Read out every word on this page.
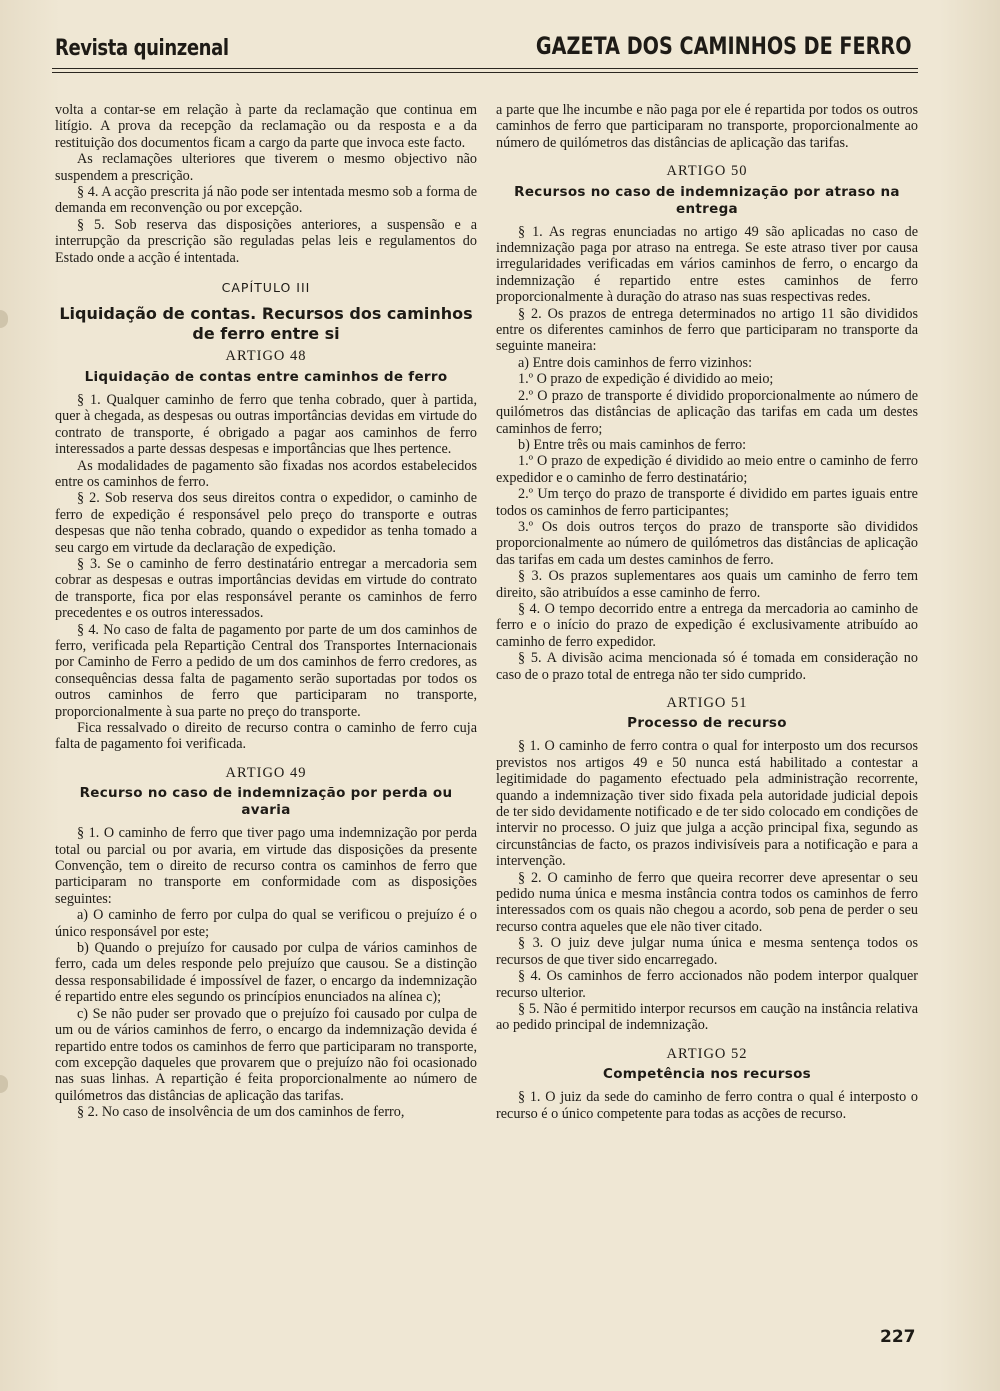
Revista quinzenal	GAZETA DOS CAMINHOS DE FERRO

volta a contar-se em relação à parte da reclamação que continua em litígio. A prova da recepção da reclamação ou da resposta e a da restituição dos documentos ficam a cargo da parte que invoca este facto.

As reclamações ulteriores que tiverem o mesmo objectivo não suspendem a prescrição.

§ 4. A acção prescrita já não pode ser intentada mesmo sob a forma de demanda em reconvenção ou por excepção.

§ 5. Sob reserva das disposições anteriores, a suspensão e a interrupção da prescrição são reguladas pelas leis e regulamentos do Estado onde a acção é intentada.

CAPÍTULO III
Liquidação de contas. Recursos dos caminhos de ferro entre si
ARTIGO 48
Liquidação de contas entre caminhos de ferro

§ 1. Qualquer caminho de ferro que tenha cobrado, quer à partida, quer à chegada, as despesas ou outras importâncias devidas em virtude do contrato de transporte, é obrigado a pagar aos caminhos de ferro interessados a parte dessas despesas e importâncias que lhes pertence.

As modalidades de pagamento são fixadas nos acordos estabelecidos entre os caminhos de ferro.

§ 2. Sob reserva dos seus direitos contra o expedidor, o caminho de ferro de expedição é responsável pelo preço do transporte e outras despesas que não tenha cobrado, quando o expedidor as tenha tomado a seu cargo em virtude da declaração de expedição.

§ 3. Se o caminho de ferro destinatário entregar a mercadoria sem cobrar as despesas e outras importâncias devidas em virtude do contrato de transporte, fica por elas responsável perante os caminhos de ferro precedentes e os outros interessados.

§ 4. No caso de falta de pagamento por parte de um dos caminhos de ferro, verificada pela Repartição Central dos Transportes Internacionais por Caminho de Ferro a pedido de um dos caminhos de ferro credores, as consequências dessa falta de pagamento serão suportadas por todos os outros caminhos de ferro que participaram no transporte, proporcionalmente à sua parte no preço do transporte.

Fica ressalvado o direito de recurso contra o caminho de ferro cuja falta de pagamento foi verificada.

ARTIGO 49
Recurso no caso de indemnização por perda ou avaria

§ 1. O caminho de ferro que tiver pago uma indemnização por perda total ou parcial ou por avaria, em virtude das disposições da presente Convenção, tem o direito de recurso contra os caminhos de ferro que participaram no transporte em conformidade com as disposições seguintes:

a) O caminho de ferro por culpa do qual se verificou o prejuízo é o único responsável por este;

b) Quando o prejuízo for causado por culpa de vários caminhos de ferro, cada um deles responde pelo prejuízo que causou. Se a distinção dessa responsabilidade é impossível de fazer, o encargo da indemnização é repartido entre eles segundo os princípios enunciados na alínea c);

c) Se não puder ser provado que o prejuízo foi causado por culpa de um ou de vários caminhos de ferro, o encargo da indemnização devida é repartido entre todos os caminhos de ferro que participaram no transporte, com excepção daqueles que provarem que o prejuízo não foi ocasionado nas suas linhas. A repartição é feita proporcionalmente ao número de quilómetros das distâncias de aplicação das tarifas.

§ 2. No caso de insolvência de um dos caminhos de ferro,

a parte que lhe incumbe e não paga por ele é repartida por todos os outros caminhos de ferro que participaram no transporte, proporcionalmente ao número de quilómetros das distâncias de aplicação das tarifas.

ARTIGO 50
Recursos no caso de indemnização por atraso na entrega

§ 1. As regras enunciadas no artigo 49 são aplicadas no caso de indemnização paga por atraso na entrega. Se este atraso tiver por causa irregularidades verificadas em vários caminhos de ferro, o encargo da indemnização é repartido entre estes caminhos de ferro proporcionalmente à duração do atraso nas suas respectivas redes.

§ 2. Os prazos de entrega determinados no artigo 11 são divididos entre os diferentes caminhos de ferro que participaram no transporte da seguinte maneira:

a) Entre dois caminhos de ferro vizinhos:

1.º O prazo de expedição é dividido ao meio;

2.º O prazo de transporte é dividido proporcionalmente ao número de quilómetros das distâncias de aplicação das tarifas em cada um destes caminhos de ferro;

b) Entre três ou mais caminhos de ferro:

1.º O prazo de expedição é dividido ao meio entre o caminho de ferro expedidor e o caminho de ferro destinatário;

2.º Um terço do prazo de transporte é dividido em partes iguais entre todos os caminhos de ferro participantes;

3.º Os dois outros terços do prazo de transporte são divididos proporcionalmente ao número de quilómetros das distâncias de aplicação das tarifas em cada um destes caminhos de ferro.

§ 3. Os prazos suplementares aos quais um caminho de ferro tem direito, são atribuídos a esse caminho de ferro.

§ 4. O tempo decorrido entre a entrega da mercadoria ao caminho de ferro e o início do prazo de expedição é exclusivamente atribuído ao caminho de ferro expedidor.

§ 5. A divisão acima mencionada só é tomada em consideração no caso de o prazo total de entrega não ter sido cumprido.

ARTIGO 51
Processo de recurso

§ 1. O caminho de ferro contra o qual for interposto um dos recursos previstos nos artigos 49 e 50 nunca está habilitado a contestar a legitimidade do pagamento efectuado pela administração recorrente, quando a indemnização tiver sido fixada pela autoridade judicial depois de ter sido devidamente notificado e de ter sido colocado em condições de intervir no processo. O juiz que julga a acção principal fixa, segundo as circunstâncias de facto, os prazos indivisíveis para a notificação e para a intervenção.

§ 2. O caminho de ferro que queira recorrer deve apresentar o seu pedido numa única e mesma instância contra todos os caminhos de ferro interessados com os quais não chegou a acordo, sob pena de perder o seu recurso contra aqueles que ele não tiver citado.

§ 3. O juiz deve julgar numa única e mesma sentença todos os recursos de que tiver sido encarregado.

§ 4. Os caminhos de ferro accionados não podem interpor qualquer recurso ulterior.

§ 5. Não é permitido interpor recursos em caução na instância relativa ao pedido principal de indemnização.

ARTIGO 52
Competência nos recursos

§ 1. O juiz da sede do caminho de ferro contra o qual é interposto o recurso é o único competente para todas as acções de recurso.

227
